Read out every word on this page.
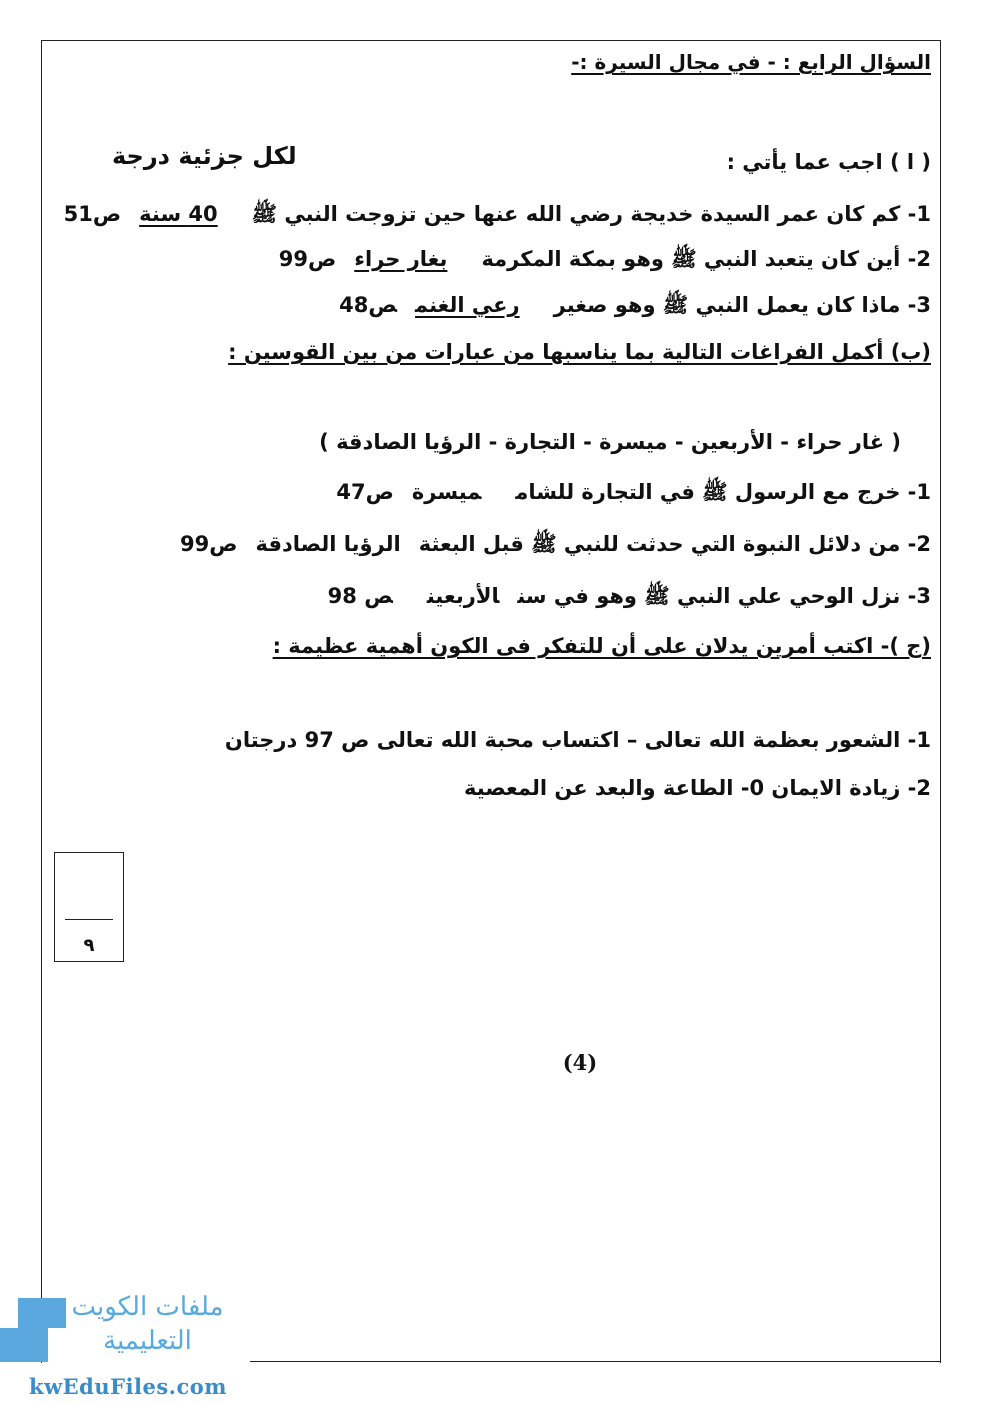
السؤال الرابع : - في مجال السيرة :-
( ا ) اجب عما يأتي :
لكل جزئية درجة
1- كم كان عمر السيدة خديجة رضي الله عنها حين تزوجت النبي ﷺ40 سنةص51
2- أين كان يتعبد النبي ﷺ وهو بمكة المكرمةبغار حراءص99
3- ماذا كان يعمل النبي ﷺ وهو صغيررعي الغنمص48
(ب) أكمل الفراغات التالية بما يناسبها من عبارات من بين القوسين :
( غار حراء - الأربعين - ميسرة - التجارة - الرؤيا الصادقة )
1- خرج مع الرسول ﷺ في التجارة للشامميسرةص47
2- من دلائل النبوة التي حدثت للنبي ﷺ قبل البعثةالرؤيا الصادقةص99
3- نزل الوحي علي النبي ﷺ وهو في سنالأربعينص 98
(ج )- اكتب أمرين يدلان على أن للتفكر فى الكون أهمية عظيمة :
1- الشعور بعظمة الله تعالى – اكتساب محبة الله تعالى ص 97 درجتان
2- زيادة الايمان 0- الطاعة والبعد عن المعصية
٩
(4)
ملفات الكويت
التعليمية
kwEduFiles.com
